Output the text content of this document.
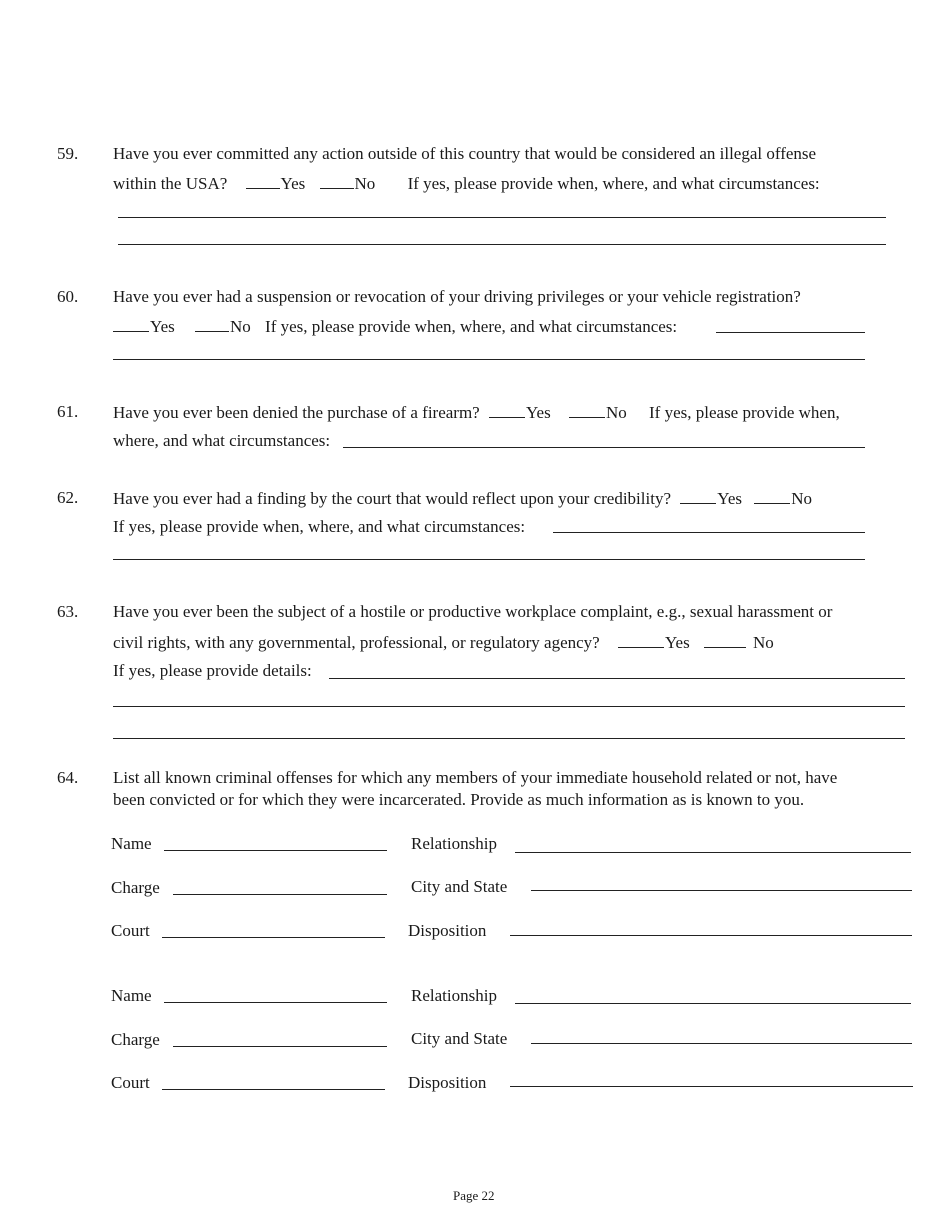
59. Have you ever committed any action outside of this country that would be considered an illegal offense
within the USA?	Yes	No If yes, please provide when, where, and what circumstances:
60. Have you ever had a suspension or revocation of your driving privileges or your vehicle registration?
Yes	No If yes, please provide when, where, and what circumstances:
61. Have you ever been denied the purchase of a firearm?	Yes	No If yes, please provide when,
where, and what circumstances:
62. Have you ever had a finding by the court that would reflect upon your credibility?	Yes	No
If yes, please provide when, where, and what circumstances:
63. Have you ever been the subject of a hostile or productive workplace complaint, e.g., sexual harassment or
civil rights, with any governmental, professional, or regulatory agency?	Yes	No
If yes, please provide details:
64. List all known criminal offenses for which any members of your immediate household related or not, have
been convicted or for which they were incarcerated. Provide as much information as is known to you.
Name	Relationship
Charge	City and State
Court	Disposition
Name	Relationship
Charge	City and State
Court	Disposition
Page 22
